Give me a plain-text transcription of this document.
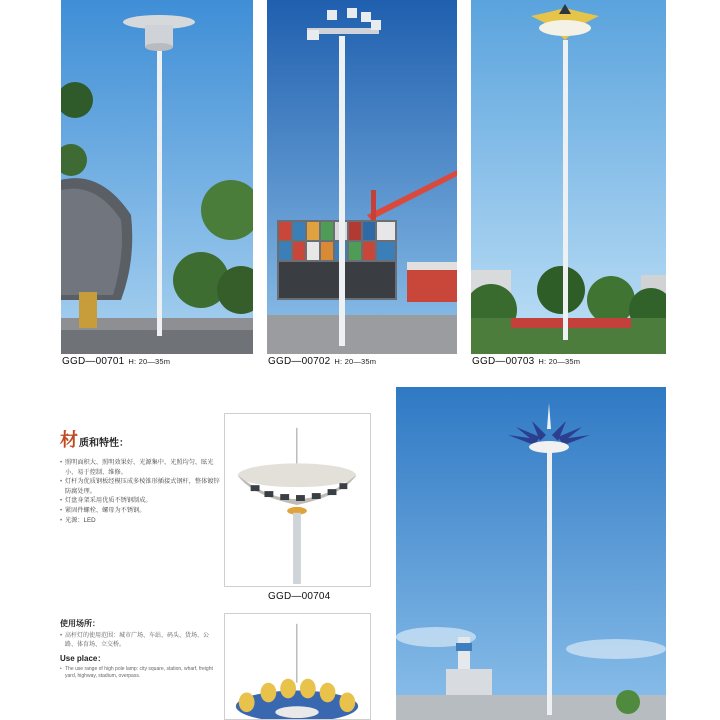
GGD—00701 H: 20—35m	GGD—00702 H: 20—35m	GGD—00703 H: 20—35m
材 质和特性：
• 照明面积大、照明效果好、光源集中、光照均匀、眩光小、易于控制、维修。
• 灯杆为优质钢板经模压成多棱锥形插接式钢杆，整体镀锌防腐处理。
• 灯盘身架采用优质不锈钢制成。
• 紧固件螺栓、螺母为不锈钢。
• 光源：LED
GGD—00704
使用场所：

• 高杆灯的使用范围：城市广场、车站、码头、货场、公路、体育场、立交桥。

Use place：

• The use range of high pole lamp: city square, station, wharf, freight yard, highway, stadium, overpass.
